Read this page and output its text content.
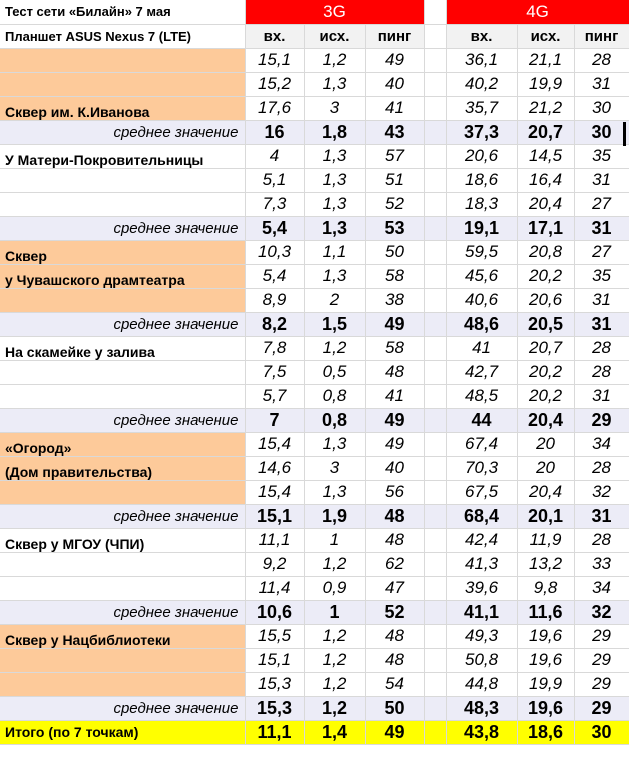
Тест сети «Билайн» 7 мая	3G				4G		
Планшет ASUS Nexus 7 (LTE)	вх.	исх.	пинг		вх.	исх.	пинг
	15,1	1,2	49		36,1	21,1	28
	15,2	1,3	40		40,2	19,9	31
Сквер им. К.Иванова	17,6	3	41		35,7	21,2	30
среднее значение	16	1,8	43		37,3	20,7	30
У Матери-Покровительницы	4	1,3	57		20,6	14,5	35
	5,1	1,3	51		18,6	16,4	31
	7,3	1,3	52		18,3	20,4	27
среднее значение	5,4	1,3	53		19,1	17,1	31
Сквер	10,3	1,1	50		59,5	20,8	27
у Чувашского драмтеатра	5,4	1,3	58		45,6	20,2	35
	8,9	2	38		40,6	20,6	31
среднее значение	8,2	1,5	49		48,6	20,5	31
На скамейке у залива	7,8	1,2	58		41	20,7	28
	7,5	0,5	48		42,7	20,2	28
	5,7	0,8	41		48,5	20,2	31
среднее значение	7	0,8	49		44	20,4	29
«Огород»	15,4	1,3	49		67,4	20	34
(Дом правительства)	14,6	3	40		70,3	20	28
	15,4	1,3	56		67,5	20,4	32
среднее значение	15,1	1,9	48		68,4	20,1	31
Сквер у МГОУ (ЧПИ)	11,1	1	48		42,4	11,9	28
	9,2	1,2	62		41,3	13,2	33
	11,4	0,9	47		39,6	9,8	34
среднее значение	10,6	1	52		41,1	11,6	32
Сквер у Нацбиблиотеки	15,5	1,2	48		49,3	19,6	29
	15,1	1,2	48		50,8	19,6	29
	15,3	1,2	54		44,8	19,9	29
среднее значение	15,3	1,2	50		48,3	19,6	29
Итого (по 7 точкам)	11,1	1,4	49		43,8	18,6	30
